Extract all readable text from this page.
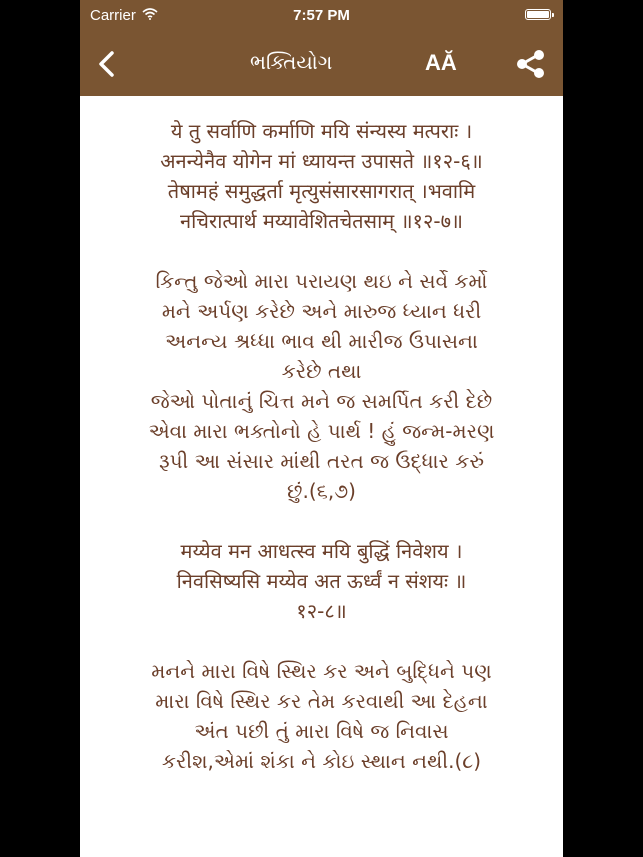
Carrier	7:57 PM
ભક્તિયોગ	AĂ

ये तु सर्वाणि कर्माणि मयि संन्यस्य मत्पराः ।
अनन्येनैव योगेन मां ध्यायन्त उपासते ॥१२-६॥
तेषामहं समुद्धर्ता मृत्युसंसारसागरात् ।भवामि
नचिरात्पार्थ मय्यावेशितचेतसाम् ॥१२-७॥

કિન્તુ જેઓ મારા પરાયણ થઇ ને સર્વે કર્મો
મને અર્પણ કરેછે અને મારુજ ધ્યાન ધરી
અનન્ય શ્રધ્ધા ભાવ થી મારીજ ઉપાસના
કરેછે તથા
જેઓ પોતાનું ચિત્ત મને જ સમર્પિત કરી દેછે
એવા મારા ભક્તોનો હે પાર્થ ! હું જન્મ-મરણ
રૂપી આ સંસાર માંથી તરત જ ઉદ્ધાર કરું
છું.(૬,૭)

मय्येव मन आधत्स्व मयि बुद्धिं निवेशय ।
निवसिष्यसि मय्येव अत ऊर्ध्वं न संशयः ॥
१२-८॥

મનને મારા વિષે સ્થિર કર અને બુદ્ધિને પણ
મારા વિષે સ્થિર કર તેમ કરવાથી આ દેહના
અંત પછી તું મારા વિષે જ નિવાસ
કરીશ,એમાં શંકા ને કોઇ સ્થાન નથી.(૮)
